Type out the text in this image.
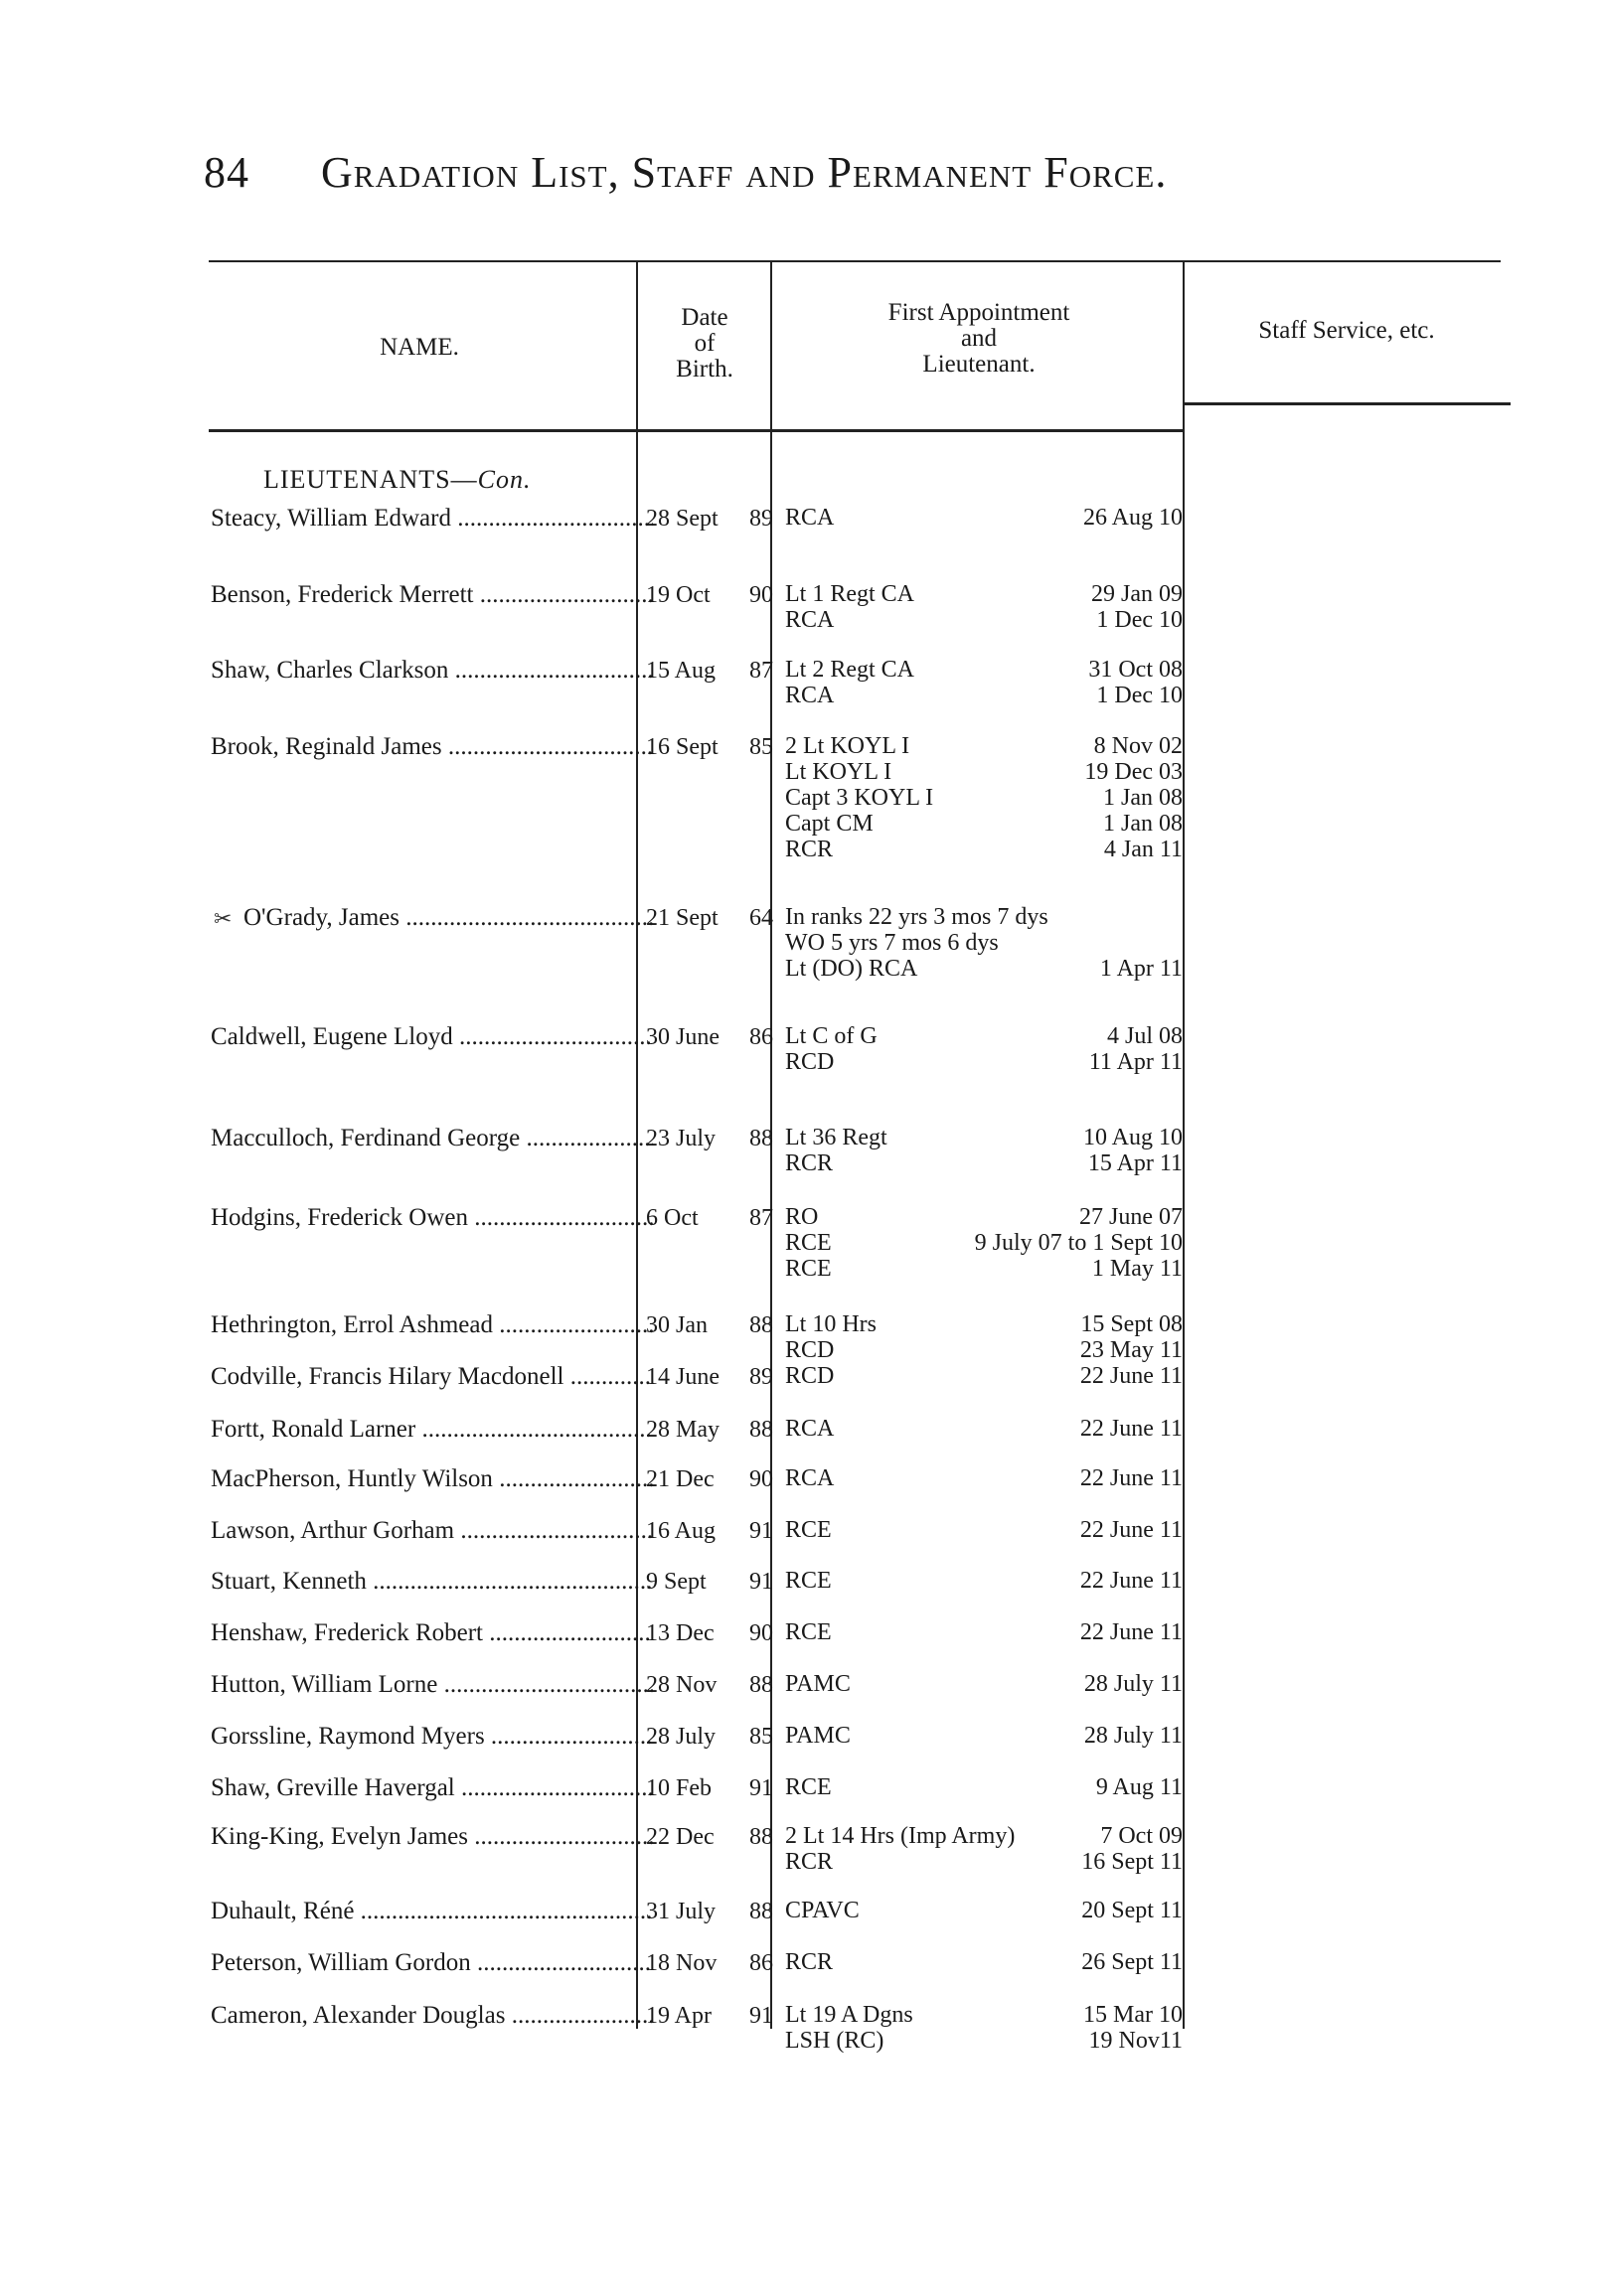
84 Gradation List, Staff and Permanent Force.
NAME.
Date
of
Birth.
First Appointment
and
Lieutenant.
Staff Service, etc.
LIEUTENANTS—Con.
Steacy, William Edward .....	28 Sept 89 RCA	26 Aug 10
Benson, Frederick Merrett .....	19 Oct 90 Lt 1 Regt CA	29 Jan 09
RCA	1 Dec 10
Shaw, Charles Clarkson .....	15 Aug 87 Lt 2 Regt CA	31 Oct 08
RCA	1 Dec 10
Brook, Reginald James .....	16 Sept 85 2 Lt KOYL I	8 Nov 02
Lt KOYL I	19 Dec 03
Capt 3 KOYL I	1 Jan 08
Capt CM	1 Jan 08
RCR	4 Jan 11
✂ O'Grady, James .....	21 Sept 64 In ranks 22 yrs 3 mos 7 dys
WO 5 yrs 7 mos 6 dys
Lt (DO) RCA	1 Apr 11
Caldwell, Eugene Lloyd .....	30 June 86 Lt C of G	4 Jul 08
RCD	11 Apr 11
Macculloch, Ferdinand George .....	23 July 88 Lt 36 Regt	10 Aug 10
RCR	15 Apr 11
Hodgins, Frederick Owen .....	6 Oct 87 RO	27 June 07
RCE	9 July 07 to 1 Sept 10
RCE	1 May 11
Hethrington, Errol Ashmead .....	30 Jan 88 Lt 10 Hrs	15 Sept 08
RCD	23 May 11
Codville, Francis Hilary Macdonell .....	14 June 89 RCD	22 June 11
Fortt, Ronald Larner .....	28 May 88 RCA	22 June 11
MacPherson, Huntly Wilson .....	21 Dec 90 RCA	22 June 11
Lawson, Arthur Gorham .....	16 Aug 91 RCE	22 June 11
Stuart, Kenneth .....	9 Sept 91 RCE	22 June 11
Henshaw, Frederick Robert .....	13 Dec 90 RCE	22 June 11
Hutton, William Lorne .....	28 Nov 88 PAMC	28 July 11
Gorssline, Raymond Myers .....	28 July 85 PAMC	28 July 11
Shaw, Greville Havergal .....	10 Feb 91 RCE	9 Aug 11
King-King, Evelyn James .....	22 Dec 88 2 Lt 14 Hrs (Imp Army)	7 Oct 09
RCR	16 Sept 11
Duhault, Réné .....	31 July 88 CPAVC	20 Sept 11
Peterson, William Gordon .....	18 Nov 86 RCR	26 Sept 11
Cameron, Alexander Douglas .....	19 Apr 91 Lt 19 A Dgns	15 Mar 10
LSH (RC)	19 Nov11
